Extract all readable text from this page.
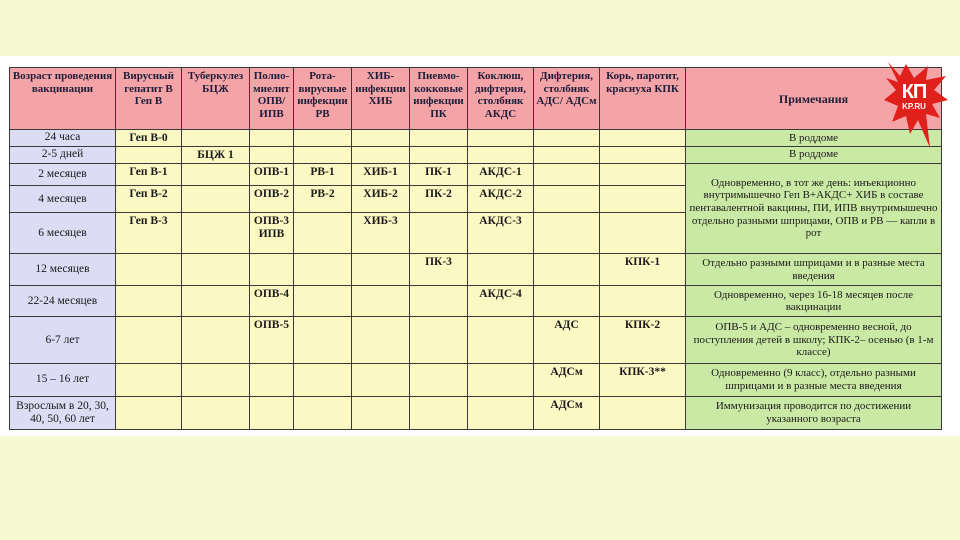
Возраст проведения вакцинации	Вирусный гепатит В Геп В	Туберкулез БЦЖ	Полио-миелит ОПВ/ ИПВ	Рота-вирусные инфекции РВ	ХИБ-инфекции ХИБ	Пневмо-кокковые инфекции ПК	Коклюш, дифтерия, столбняк АКДС	Дифтерия, столбняк АДС/ АДСм	Корь, паротит, краснуха КПК	Примечания
24 часа	Геп В-0									В роддоме
2-5 дней		БЦЖ 1								В роддоме
2 месяцев	Геп В-1		ОПВ-1	РВ-1	ХИБ-1	ПК-1	АКДС-1			Одновременно, в тот же день: инъекционно внутримышечно Геп В+АКДС+ ХИБ в составе пентавалентной вакцины, ПИ, ИПВ внутримышечно отдельно разными шприцами, ОПВ и РВ — капли в рот
4 месяцев	Геп В-2		ОПВ-2	РВ-2	ХИБ-2	ПК-2	АКДС-2			
6 месяцев	Геп В-3		ОПВ-3 ИПВ		ХИБ-3		АКДС-3			
12 месяцев						ПК-3			КПК-1	Отдельно разными шприцами и в разные места введения
22-24 месяцев			ОПВ-4				АКДС-4			Одновременно, через 16-18 месяцев после вакцинации
6-7 лет			ОПВ-5					АДС	КПК-2	ОПВ-5 и АДС – одновременно весной, до поступления детей в школу; КПК-2– осенью (в 1-м классе)
15 – 16 лет								АДСм	КПК-3**	Одновременно (9 класс), отдельно разными шприцами и в разные места введения
Взрослым в 20, 30, 40, 50, 60 лет								АДСм		Иммунизация проводится по достижении указанного возраста
КП
KP.RU
